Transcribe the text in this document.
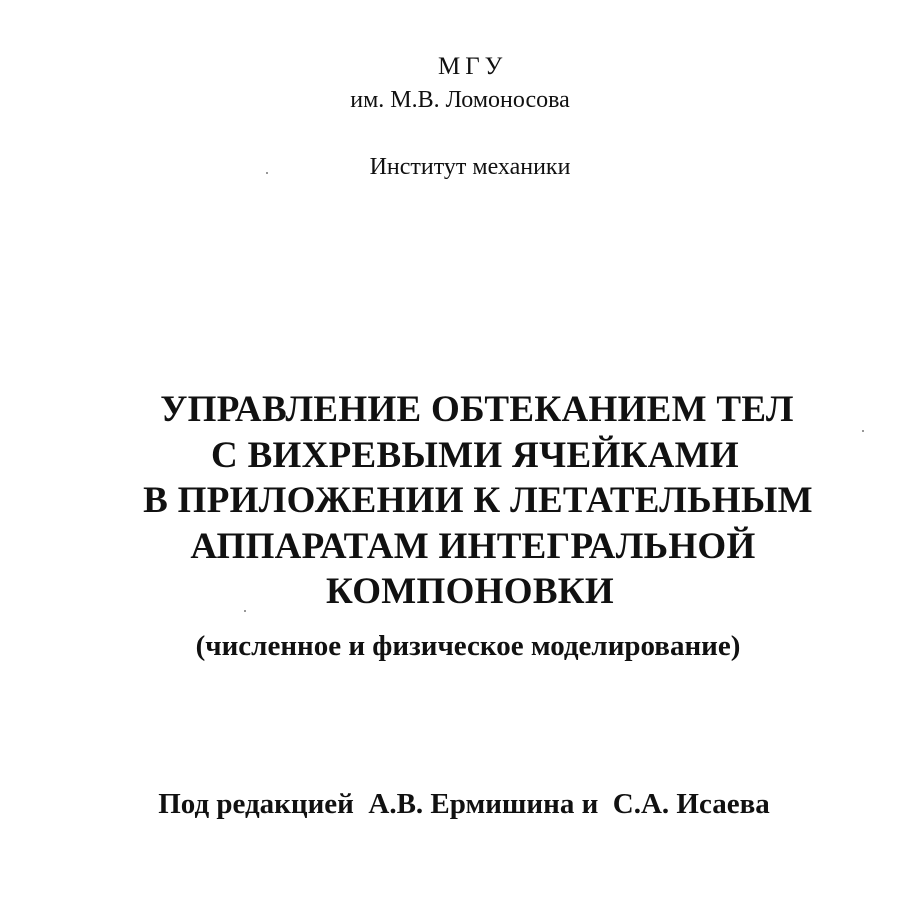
МГУ
им. М.В. Ломоносова
Институт механики
УПРАВЛЕНИЕ ОБТЕКАНИЕМ ТЕЛ
С ВИХРЕВЫМИ ЯЧЕЙКАМИ
В ПРИЛОЖЕНИИ К ЛЕТАТЕЛЬНЫМ
АППАРАТАМ ИНТЕГРАЛЬНОЙ
КОМПОНОВКИ
(численное и физическое моделирование)
Под редакцией  А.В. Ермишина и  С.А. Исаева
